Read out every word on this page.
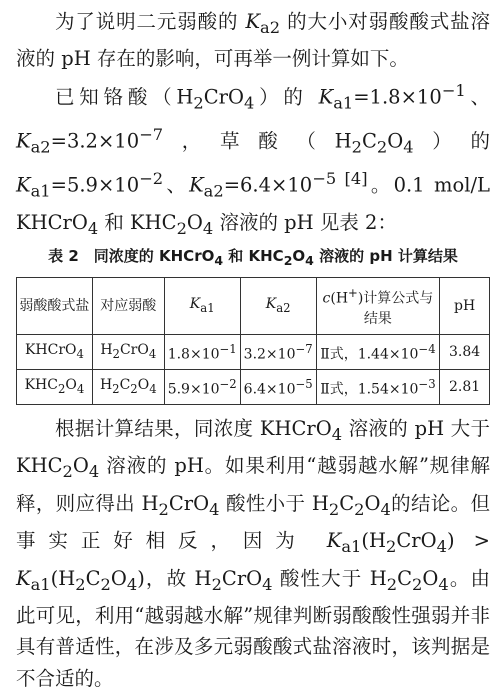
为了说明二元弱酸的 $K_{a2}$ 的大小对弱酸酸式盐溶液的 pH 存在的影响，可再举一例计算如下。

已知铬酸$(H_2CrO_4)$的 $K_{a1}=1.8\times 10^{-1}$、$K_{a2}=3.2\times 10^{-7}$，草酸$(H_2C_2O_4)$的 $K_{a1}=5.9\times 10^{-2}$、$K_{a2}=6.4\times 10^{-5 [4]}$。0.1 mol/L KHCrO$_4$ 和 $KHC_2O_4$ 溶液的 pH 见表 2：

表 2　同浓度的 KHCrO$_4$ 和 $KHC_2O_4$ 溶液的 pH 计算结果
弱酸酸式盐	对应弱酸	$K_{a1}$	$K_{a2}$	c(H+)计算公式与结果	pH
KHCrO$_4$	$H_2CrO_4$	$1.8\times 10^{-1}$	$3.2\times 10^{-7}$	Ⅱ式，$1.44\times 10^{-4}$	3.84
$KHC_2O_4$	$H_2C_2O_4$	$5.9\times 10^{-2}$	$6.4\times 10^{-5}$	Ⅱ式，$1.54\times 10^{-3}$	2.81

根据计算结果，同浓度 KHCrO$_4$ 溶液的 pH 大于 $KHC_2O_4$ 溶液的 pH。如果利用“越弱越水解”规律解释，则应得出 $H_2CrO_4$ 酸性小于 $H_2C_2O_4$的结论。但事实正好相反，因为 $K_{a1}(H_2CrO_4) > K_{a1}(H_2C_2O_4)$，故 $H_2CrO_4$ 酸性大于 $H_2C_2O_4$。由此可见，利用“越弱越水解”规律判断弱酸酸性强弱并非具有普适性，在涉及多元弱酸酸式盐溶液时，该判据是不合适的。
